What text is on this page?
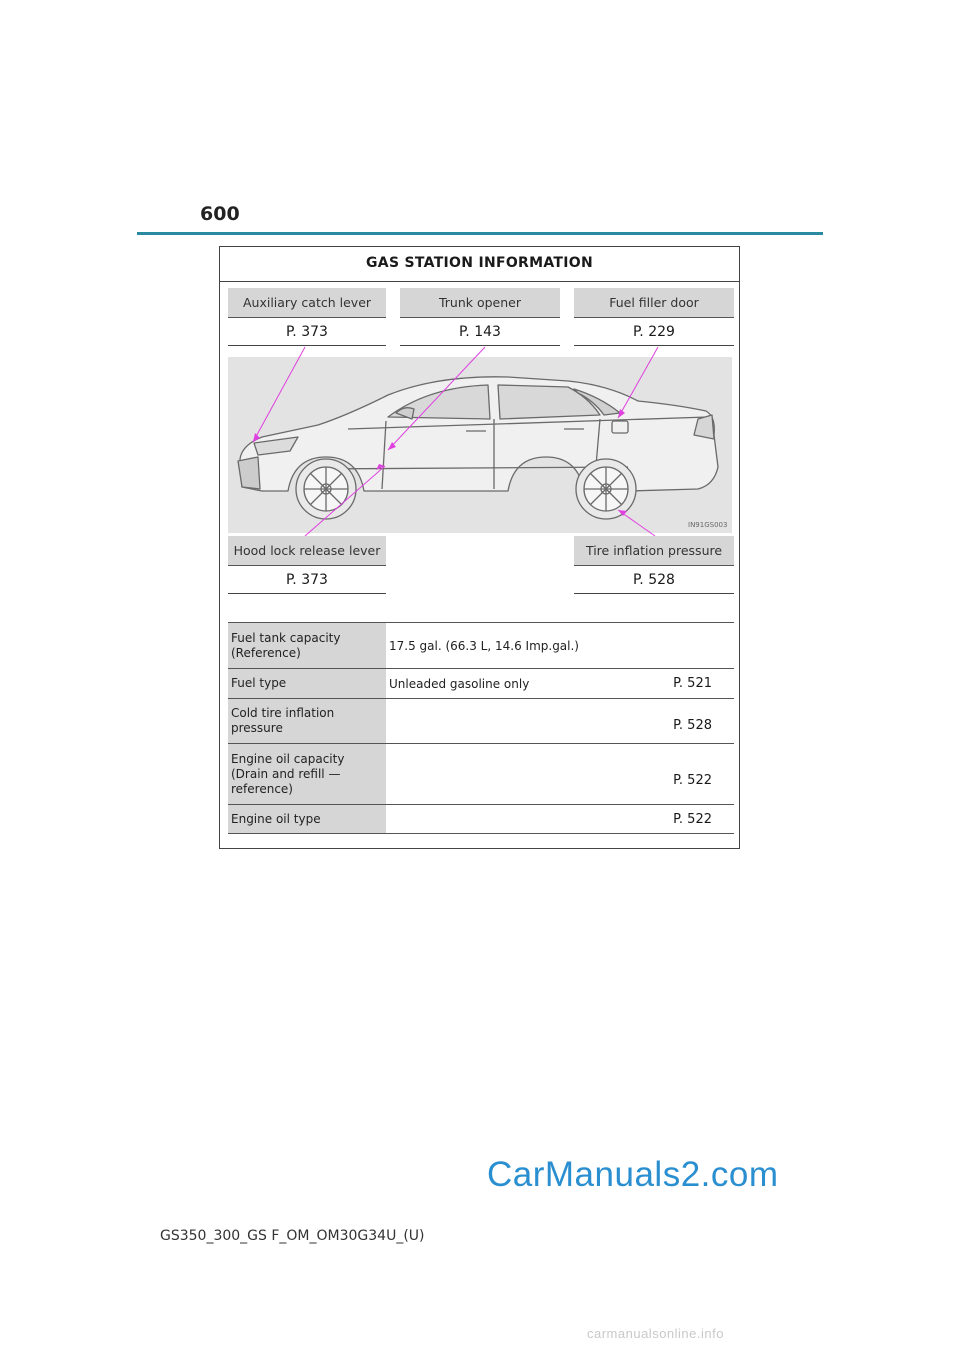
600
GAS STATION INFORMATION
Auxiliary catch lever
P. 373
Trunk opener
P. 143
Fuel filler door
P. 229
IN91GS003
Hood lock release lever
P. 373
Tire inflation pressure
P. 528
Fuel tank capacity
(Reference)	17.5 gal. (66.3 L, 14.6 Imp.gal.)	
Fuel type	Unleaded gasoline only	P. 521
Cold tire inflation
pressure		P. 528
Engine oil capacity
(Drain and refill —
reference)		P. 522
Engine oil type		P. 522
GS350_300_GS F_OM_OM30G34U_(U)
CarManuals2.com
carmanualsonline.info
